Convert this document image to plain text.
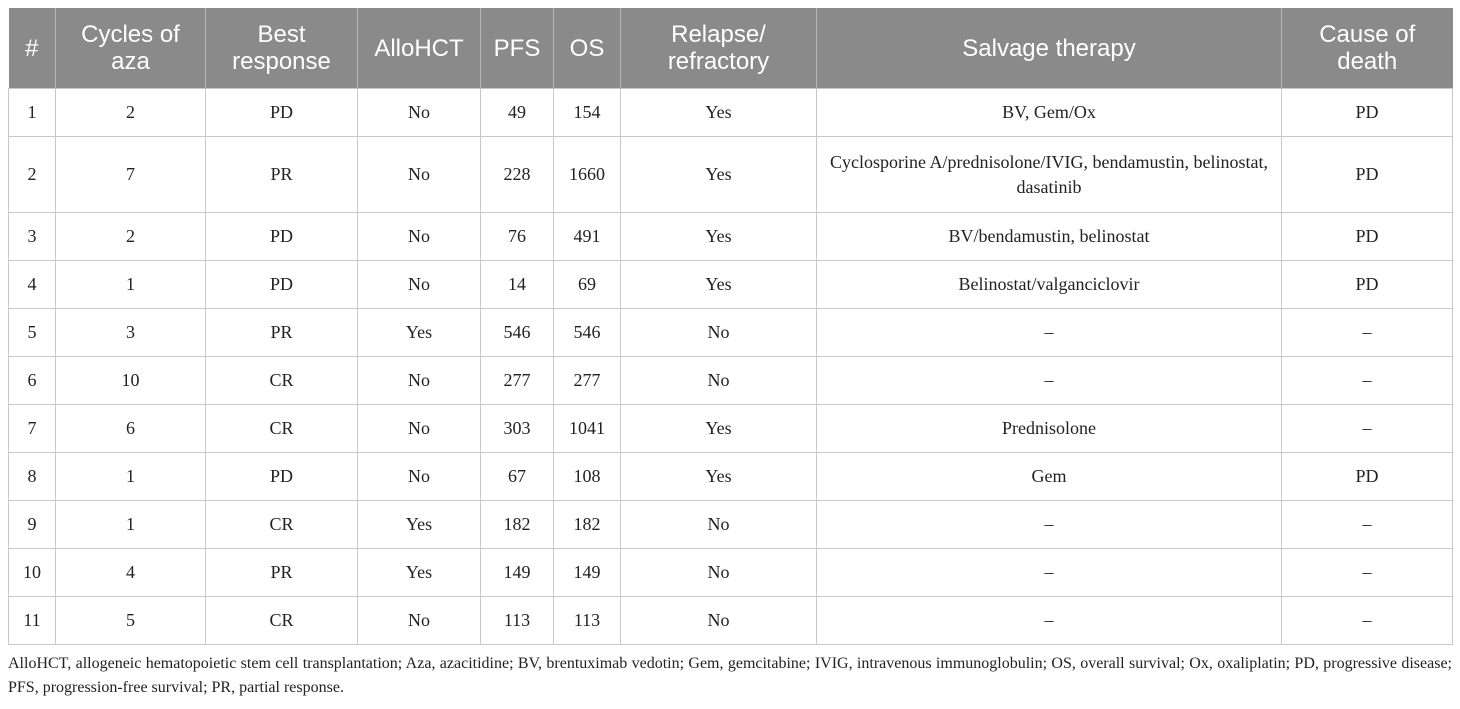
#	Cycles of aza	Best response	AlloHCT	PFS	OS	Relapse/ refractory	Salvage therapy	Cause of death
1	2	PD	No	49	154	Yes	BV, Gem/Ox	PD
2	7	PR	No	228	1660	Yes	Cyclosporine A/prednisolone/IVIG, bendamustin, belinostat, dasatinib	PD
3	2	PD	No	76	491	Yes	BV/bendamustin, belinostat	PD
4	1	PD	No	14	69	Yes	Belinostat/valganciclovir	PD
5	3	PR	Yes	546	546	No	–	–
6	10	CR	No	277	277	No	–	–
7	6	CR	No	303	1041	Yes	Prednisolone	–
8	1	PD	No	67	108	Yes	Gem	PD
9	1	CR	Yes	182	182	No	–	–
10	4	PR	Yes	149	149	No	–	–
11	5	CR	No	113	113	No	–	–

AlloHCT, allogeneic hematopoietic stem cell transplantation; Aza, azacitidine; BV, brentuximab vedotin; Gem, gemcitabine; IVIG, intravenous immunoglobulin; OS, overall survival; Ox, oxaliplatin; PD, progressive disease; PFS, progression-free survival; PR, partial response.
